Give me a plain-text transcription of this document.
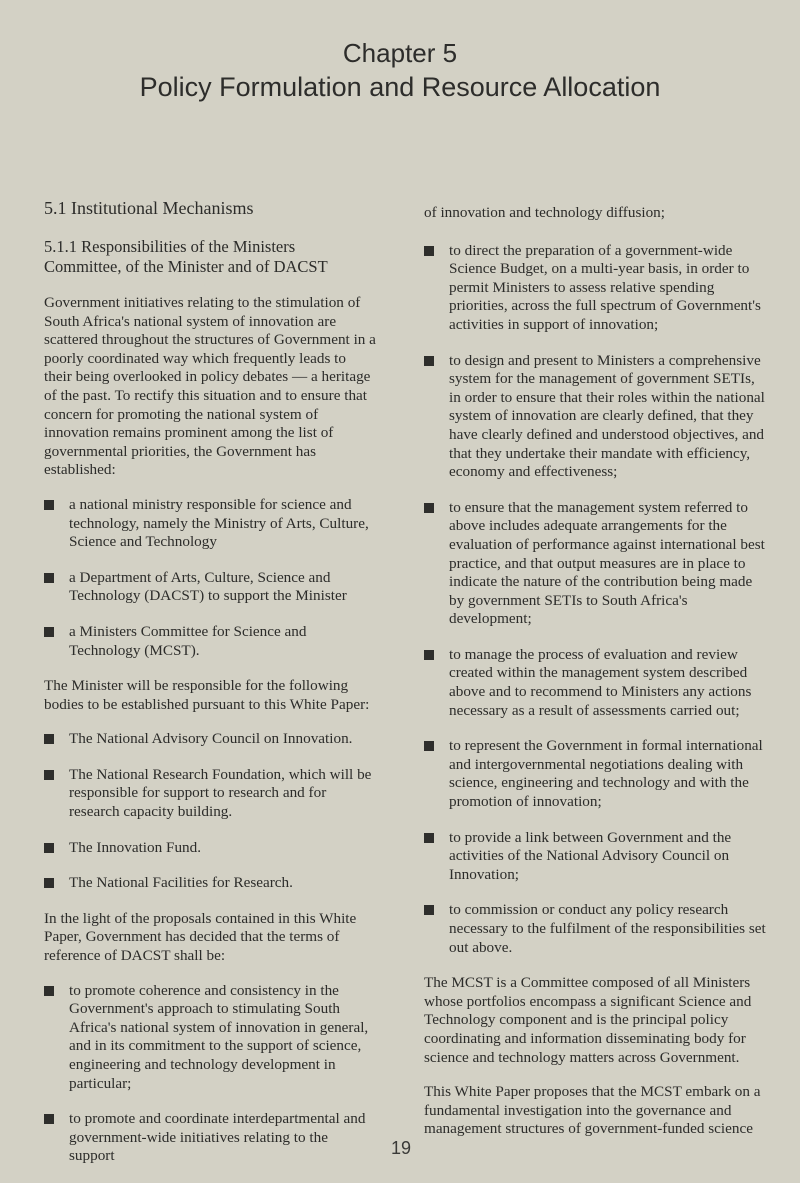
Chapter 5
Policy Formulation and Resource Allocation
5.1 Institutional Mechanisms
5.1.1 Responsibilities of the Ministers Committee, of the Minister and of DACST

Government initiatives relating to the stimulation of South Africa's national system of innovation are scattered throughout the structures of Government in a poorly coordinated way which frequently leads to their being overlooked in policy debates — a heritage of the past. To rectify this situation and to ensure that concern for promoting the national system of innovation remains prominent among the list of governmental priorities, the Government has established:

a national ministry responsible for science and technology, namely the Ministry of Arts, Culture, Science and Technology
a Department of Arts, Culture, Science and Technology (DACST) to support the Minister
a Ministers Committee for Science and Technology (MCST).

The Minister will be responsible for the following bodies to be established pursuant to this White Paper:

The National Advisory Council on Innovation.
The National Research Foundation, which will be responsible for support to research and for research capacity building.
The Innovation Fund.
The National Facilities for Research.

In the light of the proposals contained in this White Paper, Government has decided that the terms of reference of DACST shall be:

to promote coherence and consistency in the Government's approach to stimulating South Africa's national system of innovation in general, and in its commitment to the support of science, engineering and technology development in particular;
to promote and coordinate interdepartmental and government-wide initiatives relating to the support

of innovation and technology diffusion;

to direct the preparation of a government-wide Science Budget, on a multi-year basis, in order to permit Ministers to assess relative spending priorities, across the full spectrum of Government's activities in support of innovation;
to design and present to Ministers a comprehensive system for the management of government SETIs, in order to ensure that their roles within the national system of innovation are clearly defined, that they have clearly defined and understood objectives, and that they undertake their mandate with efficiency, economy and effectiveness;
to ensure that the management system referred to above includes adequate arrangements for the evaluation of performance against international best practice, and that output measures are in place to indicate the nature of the contribution being made by government SETIs to South Africa's development;
to manage the process of evaluation and review created within the management system described above and to recommend to Ministers any actions necessary as a result of assessments carried out;
to represent the Government in formal international and intergovernmental negotiations dealing with science, engineering and technology and with the promotion of innovation;
to provide a link between Government and the activities of the National Advisory Council on Innovation;
to commission or conduct any policy research necessary to the fulfilment of the responsibilities set out above.

The MCST is a Committee composed of all Ministers whose portfolios encompass a significant Science and Technology component and is the principal policy coordinating and information disseminating body for science and technology matters across Government.

This White Paper proposes that the MCST embark on a fundamental investigation into the governance and management structures of government-funded science

19
